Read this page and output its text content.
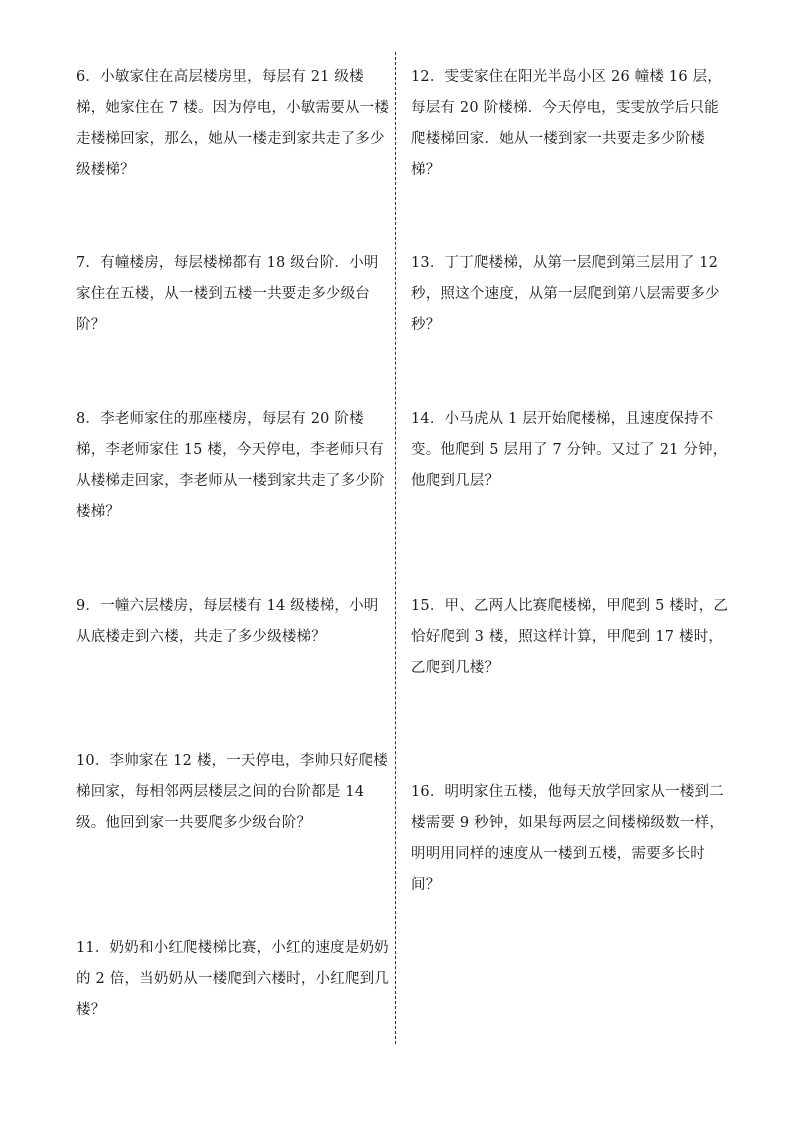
6．小敏家住在高层楼房里，每层有 21 级楼梯，她家住在 7 楼。因为停电，小敏需要从一楼走楼梯回家，那么，她从一楼走到家共走了多少级楼梯？
7．有幢楼房，每层楼梯都有 18 级台阶．小明家住在五楼，从一楼到五楼一共要走多少级台阶？
8．李老师家住的那座楼房，每层有 20 阶楼梯，李老师家住 15 楼，今天停电，李老师只有从楼梯走回家，李老师从一楼到家共走了多少阶楼梯？
9．一幢六层楼房，每层楼有 14 级楼梯，小明从底楼走到六楼，共走了多少级楼梯？
10．李帅家在 12 楼，一天停电，李帅只好爬楼梯回家，每相邻两层楼层之间的台阶都是 14 级。他回到家一共要爬多少级台阶？
11．奶奶和小红爬楼梯比赛，小红的速度是奶奶的 2 倍，当奶奶从一楼爬到六楼时，小红爬到几楼？
12．雯雯家住在阳光半岛小区 26 幢楼 16 层，每层有 20 阶楼梯．今天停电，雯雯放学后只能爬楼梯回家．她从一楼到家一共要走多少阶楼梯？
13．丁丁爬楼梯，从第一层爬到第三层用了 12 秒，照这个速度，从第一层爬到第八层需要多少秒？
14．小马虎从 1 层开始爬楼梯，且速度保持不变。他爬到 5 层用了 7 分钟。又过了 21 分钟，他爬到几层？
15．甲、乙两人比赛爬楼梯，甲爬到 5 楼时，乙恰好爬到 3 楼，照这样计算，甲爬到 17 楼时，乙爬到几楼？
16．明明家住五楼，他每天放学回家从一楼到二楼需要 9 秒钟，如果每两层之间楼梯级数一样，明明用同样的速度从一楼到五楼，需要多长时间？
